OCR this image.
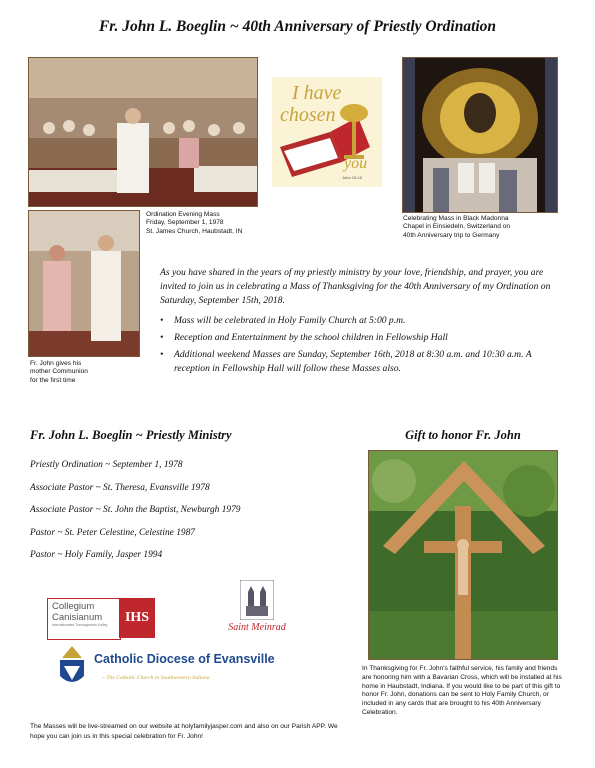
Fr. John L. Boeglin ~ 40th Anniversary of Priestly Ordination
I have
chosen
you
John 15:16
Ordination Evening Mass
Friday, September 1, 1978
St. James Church, Haubstadt, IN
Celebrating Mass in Black Madonna
Chapel in Einsiedeln, Switzerland on
40th Anniversary trip to Germany
Fr. John gives his
mother Communion
for the first time
As you have shared in the years of my priestly ministry by your love, friendship, and prayer, you are invited to join us in celebrating a Mass of Thanksgiving for the 40th Anniversary of my Ordination on Saturday, September 15th, 2018.
• Mass will be celebrated in Holy Family Church at 5:00 p.m.
• Reception and Entertainment by the school children in Fellowship Hall
• Additional weekend Masses are Sunday, September 16th, 2018 at 8:30 a.m. and 10:30 a.m. A reception in Fellowship Hall will follow these Masses also.
Fr. John L. Boeglin ~ Priestly Ministry
Priestly Ordination ~ September 1, 1978
Associate Pastor ~ St. Theresa, Evansville 1978
Associate Pastor ~ St. John the Baptist, Newburgh 1979
Pastor ~ St. Peter Celestine, Celestine 1987
Pastor ~ Holy Family, Jasper 1994
Gift to honor Fr. John
In Thanksgiving for Fr. John's faithful service, his family and friends are honoring him with a Bavarian Cross, which will be installed at his home in Haubstadt, Indiana. If you would like to be part of this gift to honor Fr. John, donations can be sent to Holy Family Church, or included in any cards that are brought to his 40th Anniversary Celebration.
Collegium
Canisianum
Internationales Theologisches Kolleg	IHS
Saint Meinrad
Catholic Diocese of Evansville
~ The Catholic Church in Southwestern Indiana
The Masses will be live-streamed on our website at holyfamilyjasper.com and also on our Parish APP. We hope you can join us in this special celebration for Fr. John!
